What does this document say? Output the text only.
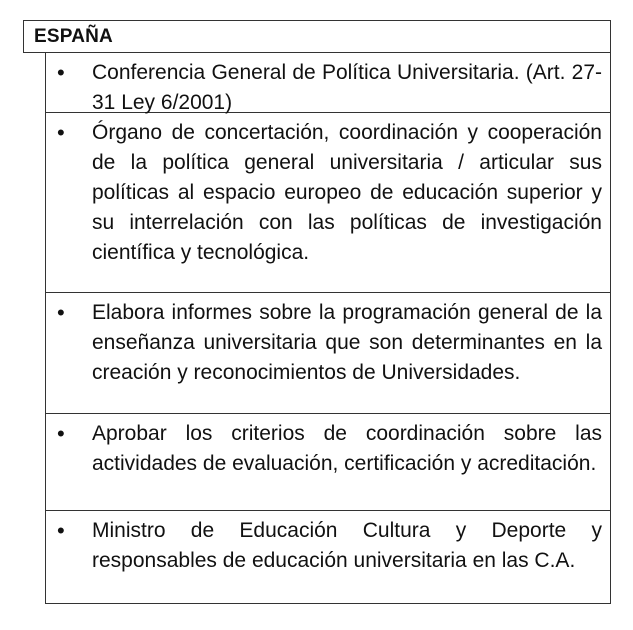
ESPAÑA
• Conferencia General de Política Universitaria. (Art. 27-31 Ley 6/2001)
• Órgano de concertación, coordinación y cooperación de la política general universitaria / articular sus políticas al espacio europeo de educación superior y su interrelación con las políticas de investigación científica y tecnológica.
• Elabora informes sobre la programación general de la enseñanza universitaria que son determinantes en la creación y reconocimientos de Universidades.
• Aprobar los criterios de coordinación sobre las actividades de evaluación, certificación y acreditación.
• Ministro de Educación Cultura y Deporte y responsables de educación universitaria en las C.A.
